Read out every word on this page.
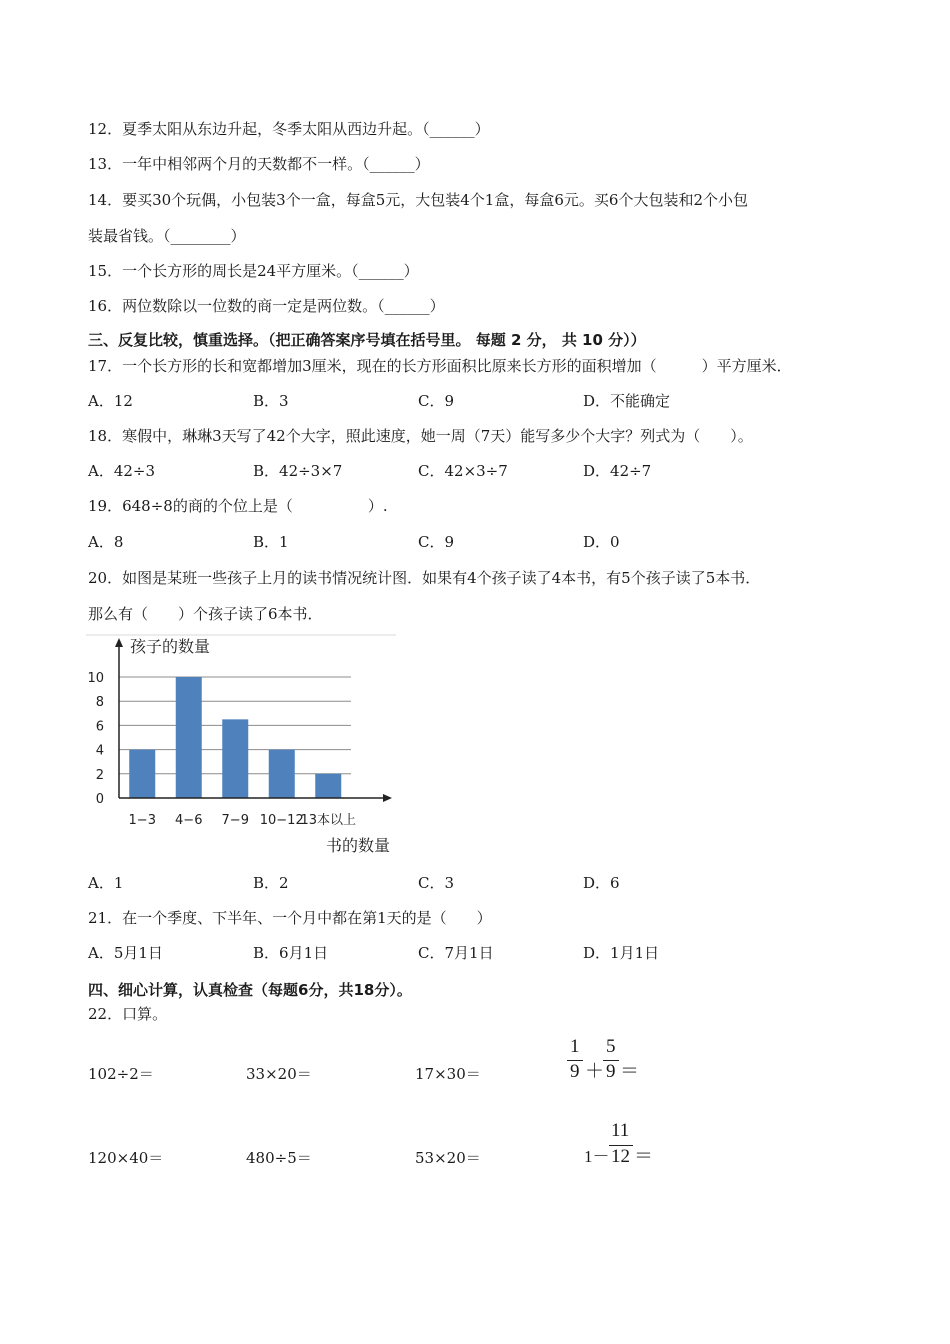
12．夏季太阳从东边升起，冬季太阳从西边升起。（______）
13．一年中相邻两个月的天数都不一样。（______）
14．要买30个玩偶，小包装3个一盒，每盒5元，大包装4个1盒，每盒6元。买6个大包装和2个小包
装最省钱。（________）
15．一个长方形的周长是24平方厘米。（______）
16．两位数除以一位数的商一定是两位数。（______）
三、反复比较，慎重选择。（把正确答案序号填在括号里。 每题 2 分， 共 10 分））
17．一个长方形的长和宽都增加3厘米，现在的长方形面积比原来长方形的面积增加（　　　）平方厘米．
A．12	B．3	C．9	D．不能确定
18．寒假中，琳琳3天写了42个大字，照此速度，她一周（7天）能写多少个大字？列式为（　　）。
A．42÷3	B．42÷3×7	C．42×3÷7	D．42÷7
19．648÷8的商的个位上是（　　　　　）.
A．8	B．1	C．9	D．0
20．如图是某班一些孩子上月的读书情况统计图．如果有4个孩子读了4本书，有5个孩子读了5本书．
那么有（　　）个孩子读了6本书．
0
2
4
6
8
10
1−3 4−6 7−9 10−12
13本以上
孩子的数量
书的数量
A．1	B．2	C．3	D．6
21．在一个季度、下半年、一个月中都在第1天的是（　　）
A．5月1日	B．6月1日	C．7月1日	D．1月1日
四、细心计算，认真检查（每题6分，共18分）。
22．口算。
102÷2＝	33×20＝	17×30＝
1
9 ＋
5
9 ＝
120×40＝	480÷5＝	53×20＝	1－
11
12 ＝
